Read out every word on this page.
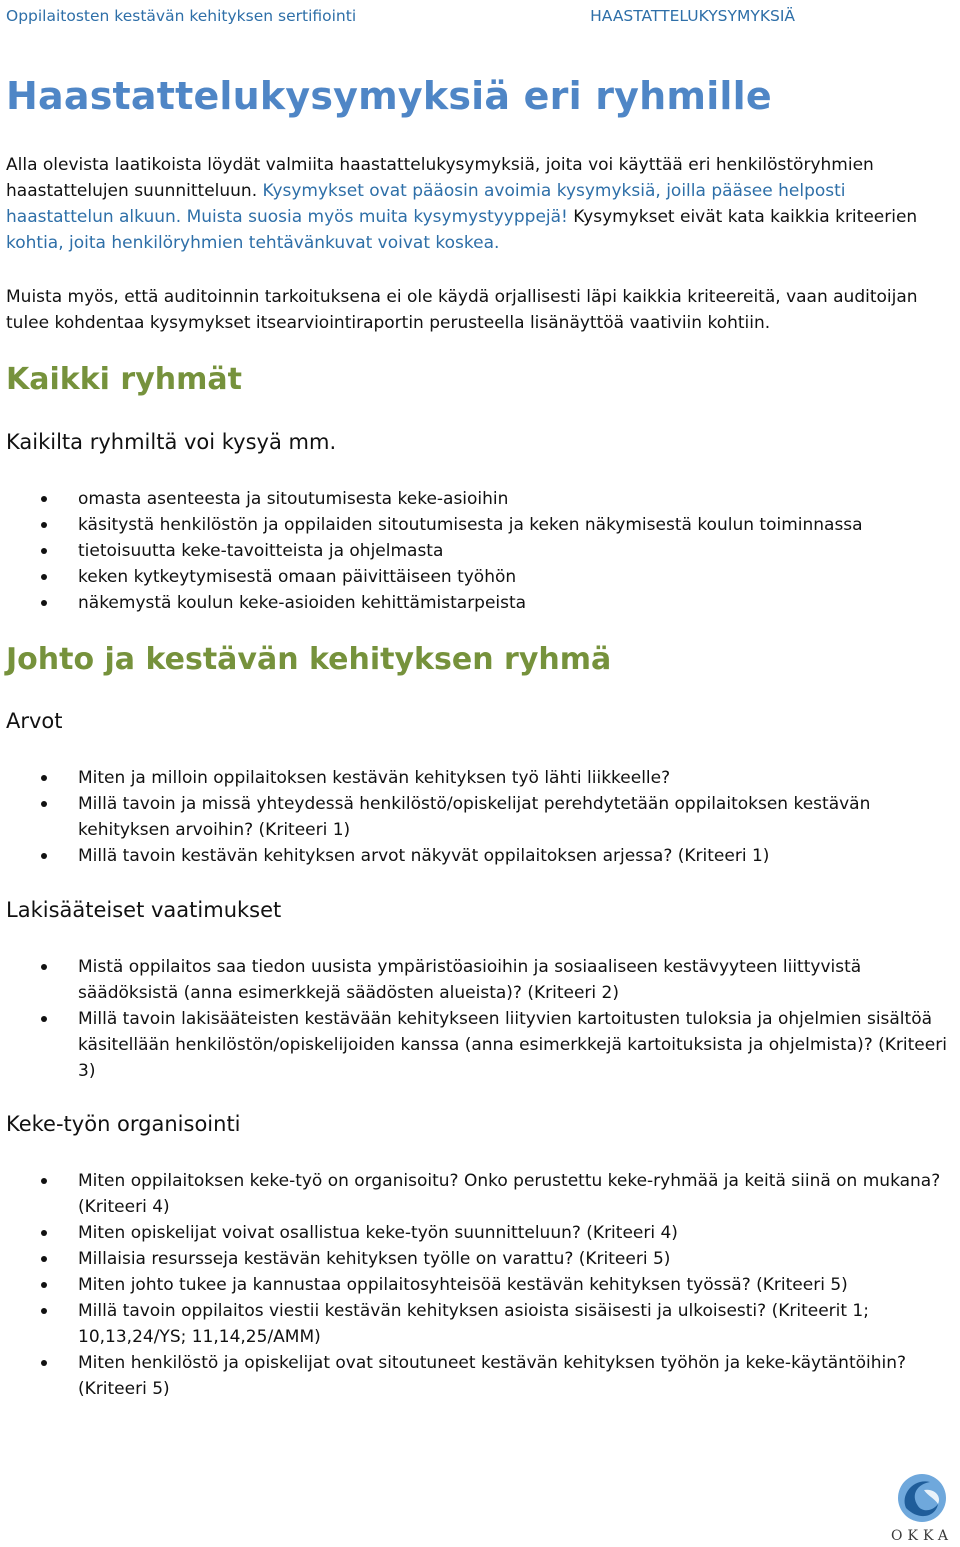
Oppilaitosten kestävän kehityksen sertifiointi	HAASTATTELUKYSYMYKSIÄ
Haastattelukysymyksiä eri ryhmille

Alla olevista laatikoista löydät valmiita haastattelukysymyksiä, joita voi käyttää eri henkilöstöryhmien haastattelujen suunnitteluun. Kysymykset ovat pääosin avoimia kysymyksiä, joilla pääsee helposti haastattelun alkuun. Muista suosia myös muita kysymystyyppejä! Kysymykset eivät kata kaikkia kriteerien kohtia, joita henkilöryhmien tehtävänkuvat voivat koskea.

Muista myös, että auditoinnin tarkoituksena ei ole käydä orjallisesti läpi kaikkia kriteereitä, vaan auditoijan tulee kohdentaa kysymykset itsearviointiraportin perusteella lisänäyttöä vaativiin kohtiin.

Kaikki ryhmät
Kaikilta ryhmiltä voi kysyä mm.
omasta asenteesta ja sitoutumisesta keke-asioihin
käsitystä henkilöstön ja oppilaiden sitoutumisesta ja keken näkymisestä koulun toiminnassa
tietoisuutta keke-tavoitteista ja ohjelmasta
keken kytkeytymisestä omaan päivittäiseen työhön
näkemystä koulun keke-asioiden kehittämistarpeista
Johto ja kestävän kehityksen ryhmä
Arvot
Miten ja milloin oppilaitoksen kestävän kehityksen työ lähti liikkeelle?
Millä tavoin ja missä yhteydessä henkilöstö/opiskelijat perehdytetään oppilaitoksen kestävän kehityksen arvoihin? (Kriteeri 1)
Millä tavoin kestävän kehityksen arvot näkyvät oppilaitoksen arjessa? (Kriteeri 1)
Lakisääteiset vaatimukset
Mistä oppilaitos saa tiedon uusista ympäristöasioihin ja sosiaaliseen kestävyyteen liittyvistä säädöksistä (anna esimerkkejä säädösten alueista)? (Kriteeri 2)
Millä tavoin lakisääteisten kestävään kehitykseen liityvien kartoitusten tuloksia ja ohjelmien sisältöä käsitellään henkilöstön/opiskelijoiden kanssa (anna esimerkkejä kartoituksista ja ohjelmista)? (Kriteeri 3)
Keke-työn organisointi
Miten oppilaitoksen keke-työ on organisoitu? Onko perustettu keke-ryhmää ja keitä siinä on mukana? (Kriteeri 4)
Miten opiskelijat voivat osallistua keke-työn suunnitteluun? (Kriteeri 4)
Millaisia resursseja kestävän kehityksen työlle on varattu? (Kriteeri 5)
Miten johto tukee ja kannustaa oppilaitosyhteisöä kestävän kehityksen työssä? (Kriteeri 5)
Millä tavoin oppilaitos viestii kestävän kehityksen asioista sisäisesti ja ulkoisesti? (Kriteerit 1; 10,13,24/YS; 11,14,25/AMM)
Miten henkilöstö ja opiskelijat ovat sitoutuneet kestävän kehityksen työhön ja keke-käytäntöihin? (Kriteeri 5)
OKKA
